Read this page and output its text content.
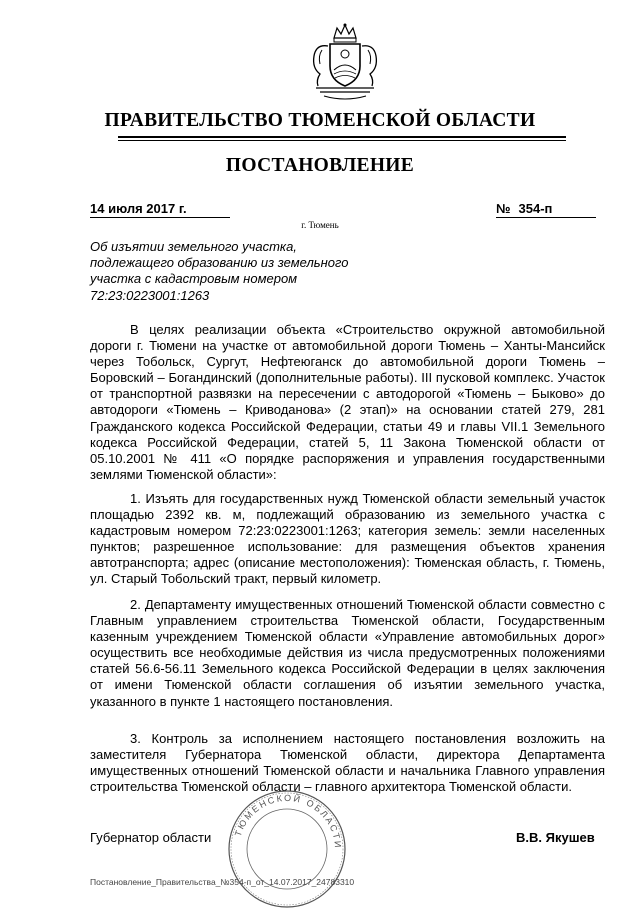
ПРАВИТЕЛЬСТВО ТЮМЕНСКОЙ ОБЛАСТИ
ПОСТАНОВЛЕНИЕ
14 июля 2017 г.	№ 354-п
г. Тюмень
Об изъятии земельного участка, подлежащего образованию из земельного участка с кадастровым номером 72:23:0223001:1263
В целях реализации объекта «Строительство окружной автомобильной дороги г. Тюмени на участке от автомобильной дороги Тюмень – Ханты-Мансийск через Тобольск, Сургут, Нефтеюганск до автомобильной дороги Тюмень – Боровский – Богандинский (дополнительные работы). III пусковой комплекс. Участок от транспортной развязки на пересечении с автодорогой «Тюмень – Быково» до автодороги «Тюмень – Криводанова» (2 этап)» на основании статей 279, 281 Гражданского кодекса Российской Федерации, статьи 49 и главы VII.1 Земельного кодекса Российской Федерации, статей 5, 11 Закона Тюменской области от 05.10.2001 № 411 «О порядке распоряжения и управления государственными землями Тюменской области»:
1. Изъять для государственных нужд Тюменской области земельный участок площадью 2392 кв. м, подлежащий образованию из земельного участка с кадастровым номером 72:23:0223001:1263; категория земель: земли населенных пунктов; разрешенное использование: для размещения объектов хранения автотранспорта; адрес (описание местоположения): Тюменская область, г. Тюмень, ул. Старый Тобольский тракт, первый километр.
2. Департаменту имущественных отношений Тюменской области совместно с Главным управлением строительства Тюменской области, Государственным казенным учреждением Тюменской области «Управление автомобильных дорог» осуществить все необходимые действия из числа предусмотренных положениями статей 56.6-56.11 Земельного кодекса Российской Федерации в целях заключения от имени Тюменской области соглашения об изъятии земельного участка, указанного в пункте 1 настоящего постановления.
3. Контроль за исполнением настоящего постановления возложить на заместителя Губернатора Тюменской области, директора Департамента имущественных отношений Тюменской области и начальника Главного управления строительства Тюменской области – главного архитектора Тюменской области.
ТЮМЕНСКОЙ ОБЛАСТИ
Губернатор области	В.В. Якушев
Постановление_Правительства_№354-п_от_14.07.2017_24783310
